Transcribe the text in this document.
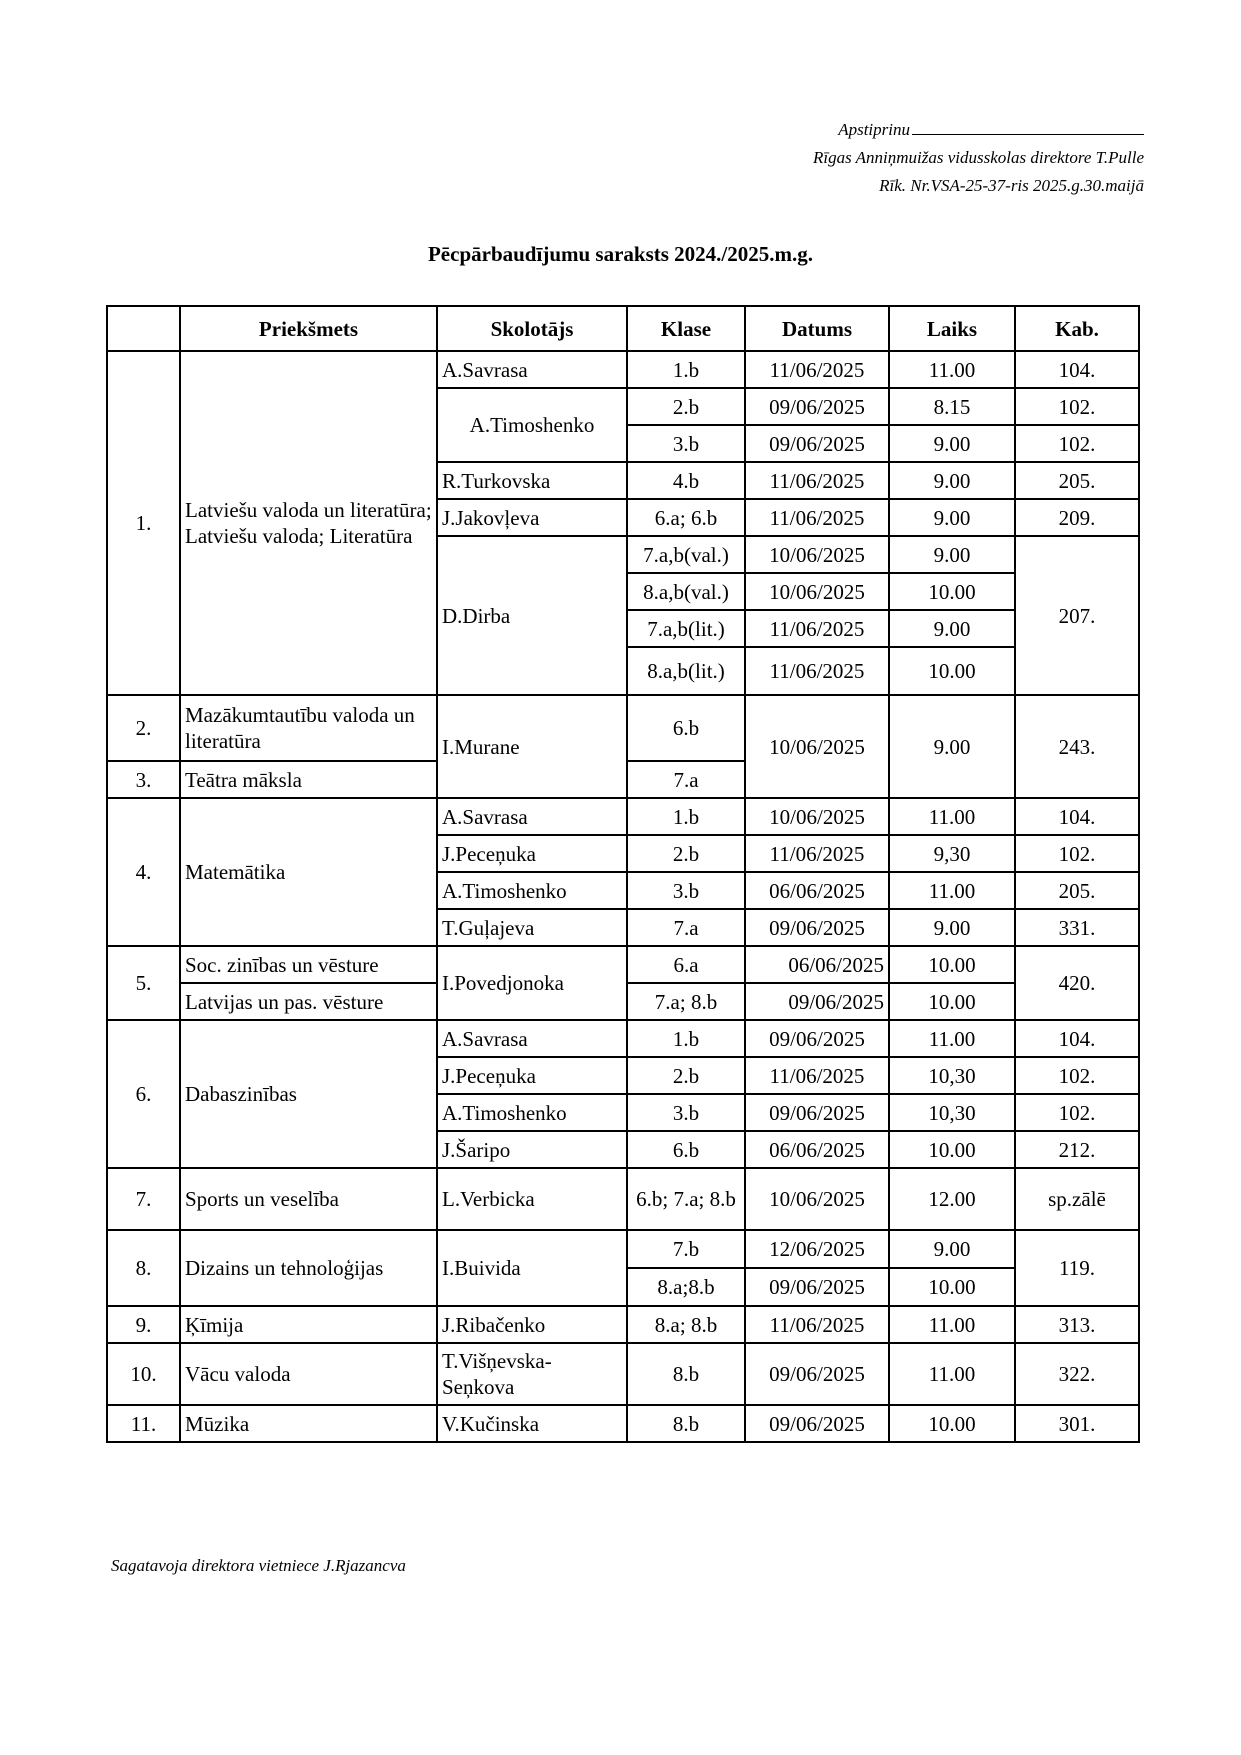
Apstiprinu
Rīgas Anniņmuižas vidusskolas direktore T.Pulle
Rīk. Nr.VSA-25-37-ris 2025.g.30.maijā
Pēcpārbaudījumu saraksts 2024./2025.m.g.
	Priekšmets	Skolotājs	Klase	Datums	Laiks	Kab.
1.	Latviešu valoda un literatūra; Latviešu valoda; Literatūra	A.Savrasa	1.b	11/06/2025	11.00	104.
		A.Timoshenko	2.b	09/06/2025	8.15	102.
			3.b	09/06/2025	9.00	102.
		R.Turkovska	4.b	11/06/2025	9.00	205.
		J.Jakovļeva	6.a; 6.b	11/06/2025	9.00	209.
		D.Dirba	7.a,b(val.)	10/06/2025	9.00	207.
			8.a,b(val.)	10/06/2025	10.00	
			7.a,b(lit.)	11/06/2025	9.00	
			8.a,b(lit.)	11/06/2025	10.00	
2.	Mazākumtautību valoda un literatūra	I.Murane	6.b	10/06/2025	9.00	243.
3.	Teātra māksla		7.a			
4.	Matemātika	A.Savrasa	1.b	10/06/2025	11.00	104.
		J.Peceņuka	2.b	11/06/2025	9,30	102.
		A.Timoshenko	3.b	06/06/2025	11.00	205.
		T.Guļajeva	7.a	09/06/2025	9.00	331.
5.	Soc. zinības un vēsture	I.Povedjonoka	6.a	06/06/2025	10.00	420.
	Latvijas un pas. vēsture		7.a; 8.b	09/06/2025	10.00	
6.	Dabaszinības	A.Savrasa	1.b	09/06/2025	11.00	104.
		J.Peceņuka	2.b	11/06/2025	10,30	102.
		A.Timoshenko	3.b	09/06/2025	10,30	102.
		J.Šaripo	6.b	06/06/2025	10.00	212.
7.	Sports un veselība	L.Verbicka	6.b; 7.a; 8.b	10/06/2025	12.00	sp.zālē
8.	Dizains un tehnoloģijas	I.Buivida	7.b	12/06/2025	9.00	119.
			8.a;8.b	09/06/2025	10.00	
9.	Ķīmija	J.Ribačenko	8.a; 8.b	11/06/2025	11.00	313.
10.	Vācu valoda	T.Višņevska-Seņkova	8.b	09/06/2025	11.00	322.
11.	Mūzika	V.Kučinska	8.b	09/06/2025	10.00	301.
Sagatavoja direktora vietniece J.Rjazancva
